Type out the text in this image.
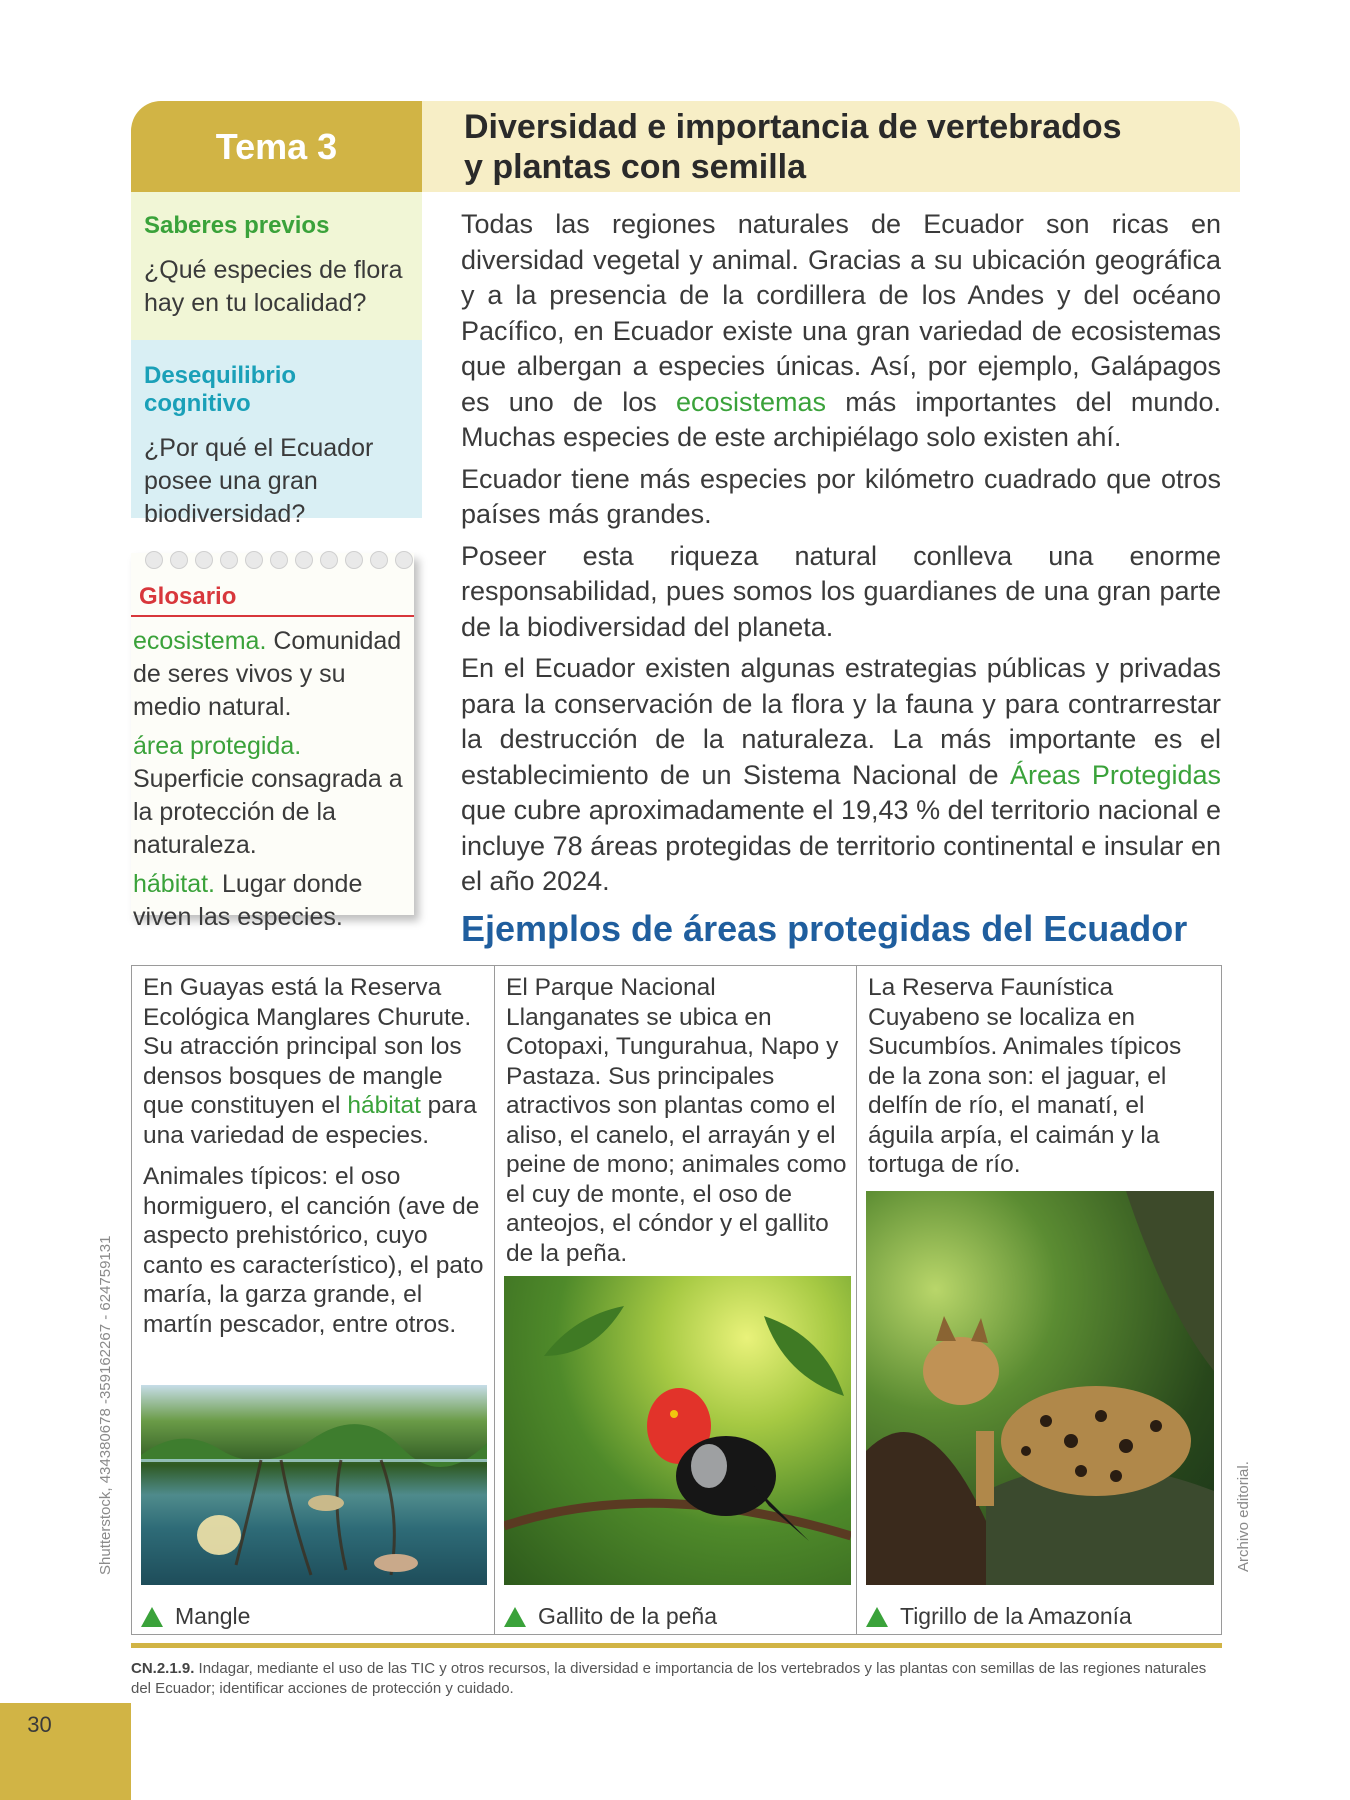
Tema 3	Diversidad e importancia de vertebrados
y plantas con semilla
Saberes previos
¿Qué especies de flora hay en tu localidad?
Desequilibrio cognitivo
¿Por qué el Ecuador posee una gran biodiversidad?
Glosario

ecosistema. Comunidad de seres vivos y su medio natural.

área protegida. Superficie consagrada a la protección de la naturaleza.

hábitat. Lugar donde viven las especies.

Todas las regiones naturales de Ecuador son ricas en diversidad vegetal y animal. Gracias a su ubicación geográfica y a la presencia de la cordillera de los Andes y del océano Pacífico, en Ecuador existe una gran variedad de ecosistemas que albergan a especies únicas. Así, por ejemplo, Galápagos es uno de los ecosistemas más importantes del mundo. Muchas especies de este archipiélago solo existen ahí.

Ecuador tiene más especies por kilómetro cuadrado que otros países más grandes.

Poseer esta riqueza natural conlleva una enorme responsabilidad, pues somos los guardianes de una gran parte de la biodiversidad del planeta.

En el Ecuador existen algunas estrategias públicas y privadas para la conservación de la flora y la fauna y para contrarrestar la destrucción de la naturaleza. La más importante es el establecimiento de un Sistema Nacional de Áreas Protegidas que cubre aproximadamente el 19,43 % del territorio nacional e incluye 78 áreas protegidas de territorio continental e insular en el año 2024.

Ejemplos de áreas protegidas del Ecuador

En Guayas está la Reserva Ecológica Manglares Churute. Su atracción principal son los densos bosques de mangle que constituyen el hábitat para una variedad de especies.

Animales típicos: el oso hormiguero, el canción (ave de aspecto prehistórico, cuyo canto es característico), el pato maría, la garza grande, el martín pescador, entre otros.

Mangle
El Parque Nacional Llanganates se ubica en Cotopaxi, Tungurahua, Napo y Pastaza. Sus principales atractivos son plantas como el aliso, el canelo, el arrayán y el peine de mono; animales como el cuy de monte, el oso de anteojos, el cóndor y el gallito de la peña.
Gallito de la peña
La Reserva Faunística Cuyabeno se localiza en Sucumbíos. Animales típicos de la zona son: el jaguar, el delfín de río, el manatí, el águila arpía, el caimán y la tortuga de río.
Tigrillo de la Amazonía
Shutterstock, 434380678 -359162267 - 624759131	Archivo editorial.
CN.2.1.9. Indagar, mediante el uso de las TIC y otros recursos, la diversidad e importancia de los vertebrados y las plantas con semillas de las regiones naturales del Ecuador; identificar acciones de protección y cuidado.
30
